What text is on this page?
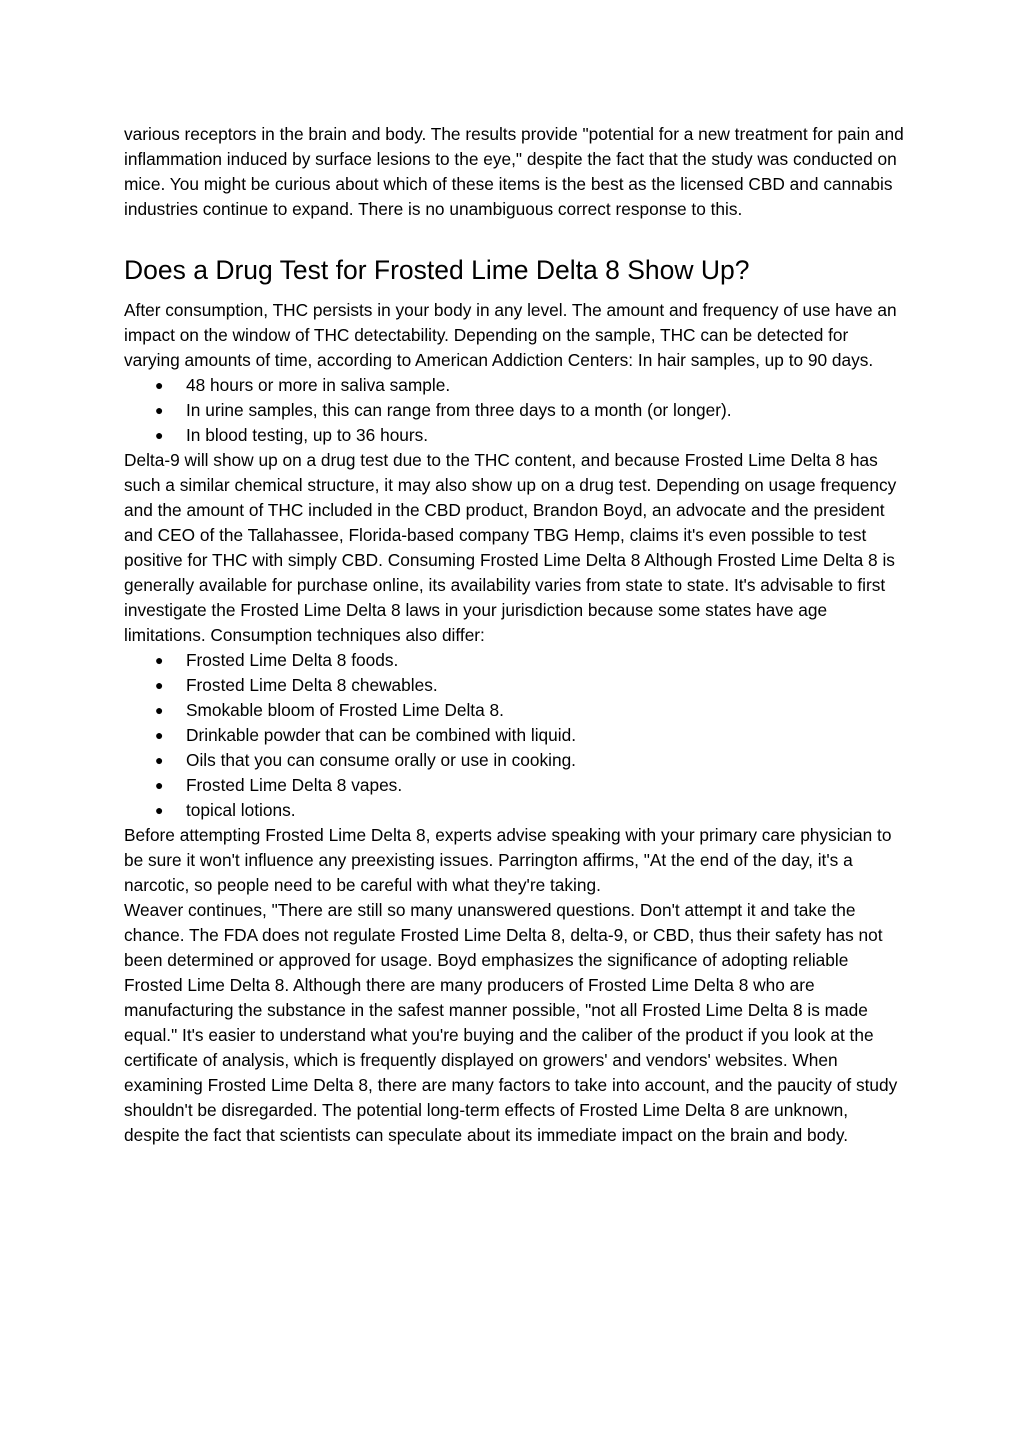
various receptors in the brain and body. The results provide "potential for a new treatment for pain and inflammation induced by surface lesions to the eye," despite the fact that the study was conducted on mice. You might be curious about which of these items is the best as the licensed CBD and cannabis industries continue to expand. There is no unambiguous correct response to this.

Does a Drug Test for Frosted Lime Delta 8 Show Up?

After consumption, THC persists in your body in any level. The amount and frequency of use have an impact on the window of THC detectability. Depending on the sample, THC can be detected for varying amounts of time, according to American Addiction Centers: In hair samples, up to 90 days.

● 48 hours or more in saliva sample.
● In urine samples, this can range from three days to a month (or longer).
● In blood testing, up to 36 hours.

Delta-9 will show up on a drug test due to the THC content, and because Frosted Lime Delta 8 has such a similar chemical structure, it may also show up on a drug test. Depending on usage frequency and the amount of THC included in the CBD product, Brandon Boyd, an advocate and the president and CEO of the Tallahassee, Florida-based company TBG Hemp, claims it's even possible to test positive for THC with simply CBD. Consuming Frosted Lime Delta 8 Although Frosted Lime Delta 8 is generally available for purchase online, its availability varies from state to state. It's advisable to first investigate the Frosted Lime Delta 8 laws in your jurisdiction because some states have age limitations. Consumption techniques also differ:

● Frosted Lime Delta 8 foods.
● Frosted Lime Delta 8 chewables.
● Smokable bloom of Frosted Lime Delta 8.
● Drinkable powder that can be combined with liquid.
● Oils that you can consume orally or use in cooking.
● Frosted Lime Delta 8 vapes.
● topical lotions.

Before attempting Frosted Lime Delta 8, experts advise speaking with your primary care physician to be sure it won't influence any preexisting issues. Parrington affirms, "At the end of the day, it's a narcotic, so people need to be careful with what they're taking.

Weaver continues, "There are still so many unanswered questions. Don't attempt it and take the chance. The FDA does not regulate Frosted Lime Delta 8, delta-9, or CBD, thus their safety has not been determined or approved for usage. Boyd emphasizes the significance of adopting reliable Frosted Lime Delta 8. Although there are many producers of Frosted Lime Delta 8 who are manufacturing the substance in the safest manner possible, "not all Frosted Lime Delta 8 is made equal." It's easier to understand what you're buying and the caliber of the product if you look at the certificate of analysis, which is frequently displayed on growers' and vendors' websites. When examining Frosted Lime Delta 8, there are many factors to take into account, and the paucity of study shouldn't be disregarded. The potential long-term effects of Frosted Lime Delta 8 are unknown, despite the fact that scientists can speculate about its immediate impact on the brain and body.
